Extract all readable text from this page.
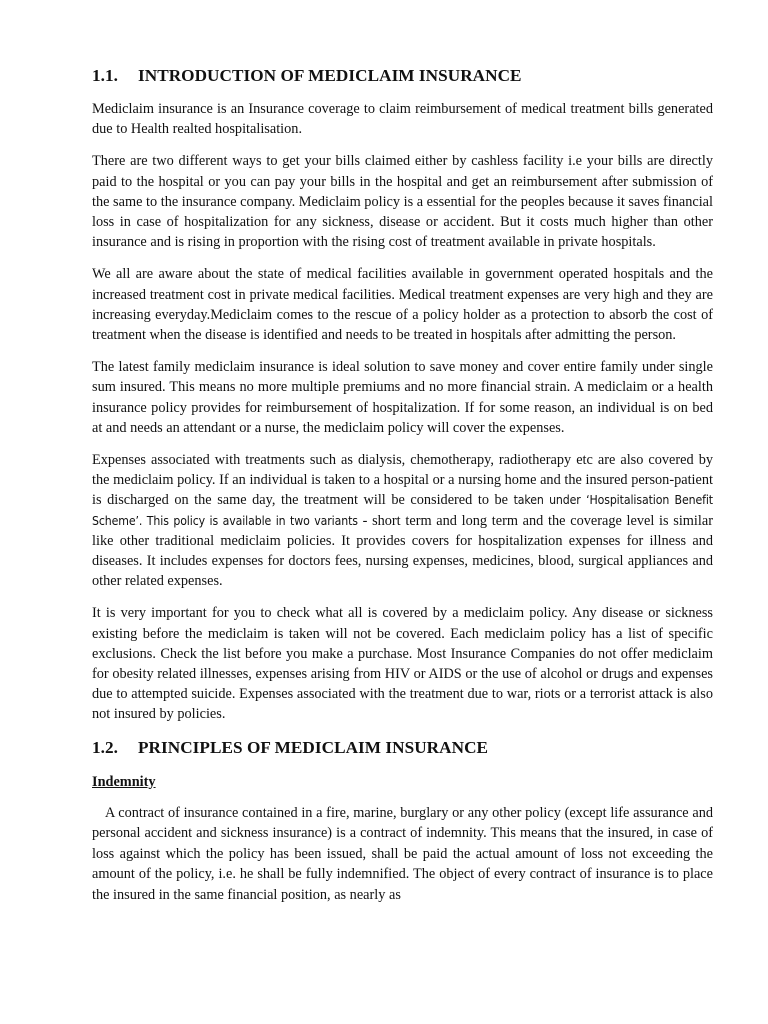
1.1. INTRODUCTION OF MEDICLAIM INSURANCE

Mediclaim insurance is an Insurance coverage to claim reimbursement of medical treatment bills generated due to Health realted hospitalisation.

There are two different ways to get your bills claimed either by cashless facility i.e your bills are directly paid to the hospital or you can pay your bills in the hospital and get an reimbursement after submission of the same to the insurance company. Mediclaim policy is a essential for the peoples because it saves financial loss in case of hospitalization for any sickness, disease or accident. But it costs much higher than other insurance and is rising in proportion with the rising cost of treatment available in private hospitals.

We all are aware about the state of medical facilities available in government operated hospitals and the increased treatment cost in private medical facilities. Medical treatment expenses are very high and they are increasing everyday.Mediclaim comes to the rescue of a policy holder as a protection to absorb the cost of treatment when the disease is identified and needs to be treated in hospitals after admitting the person.

The latest family mediclaim insurance is ideal solution to save money and cover entire family under single sum insured. This means no more multiple premiums and no more financial strain. A mediclaim or a health insurance policy provides for reimbursement of hospitalization. If for some reason, an individual is on bed at and needs an attendant or a nurse, the mediclaim policy will cover the expenses.

Expenses associated with treatments such as dialysis, chemotherapy, radiotherapy etc are also covered by the mediclaim policy. If an individual is taken to a hospital or a nursing home and the insured person-patient is discharged on the same day, the treatment will be considered to be taken under ‘Hospitalisation Benefit Scheme’. This policy is available in two variants - short term and long term and the coverage level is similar like other traditional mediclaim policies. It provides covers for hospitalization expenses for illness and diseases. It includes expenses for doctors fees, nursing expenses, medicines, blood, surgical appliances and other related expenses.

It is very important for you to check what all is covered by a mediclaim policy. Any disease or sickness existing before the mediclaim is taken will not be covered. Each mediclaim policy has a list of specific exclusions. Check the list before you make a purchase. Most Insurance Companies do not offer mediclaim for obesity related illnesses, expenses arising from HIV or AIDS or the use of alcohol or drugs and expenses due to attempted suicide. Expenses associated with the treatment due to war, riots or a terrorist attack is also not insured by policies.

1.2. PRINCIPLES OF MEDICLAIM INSURANCE
Indemnity

A contract of insurance contained in a fire, marine, burglary or any other policy (except life assurance and personal accident and sickness insurance) is a contract of indemnity. This means that the insured, in case of loss against which the policy has been issued, shall be paid the actual amount of loss not exceeding the amount of the policy, i.e. he shall be fully indemnified. The object of every contract of insurance is to place the insured in the same financial position, as nearly as
